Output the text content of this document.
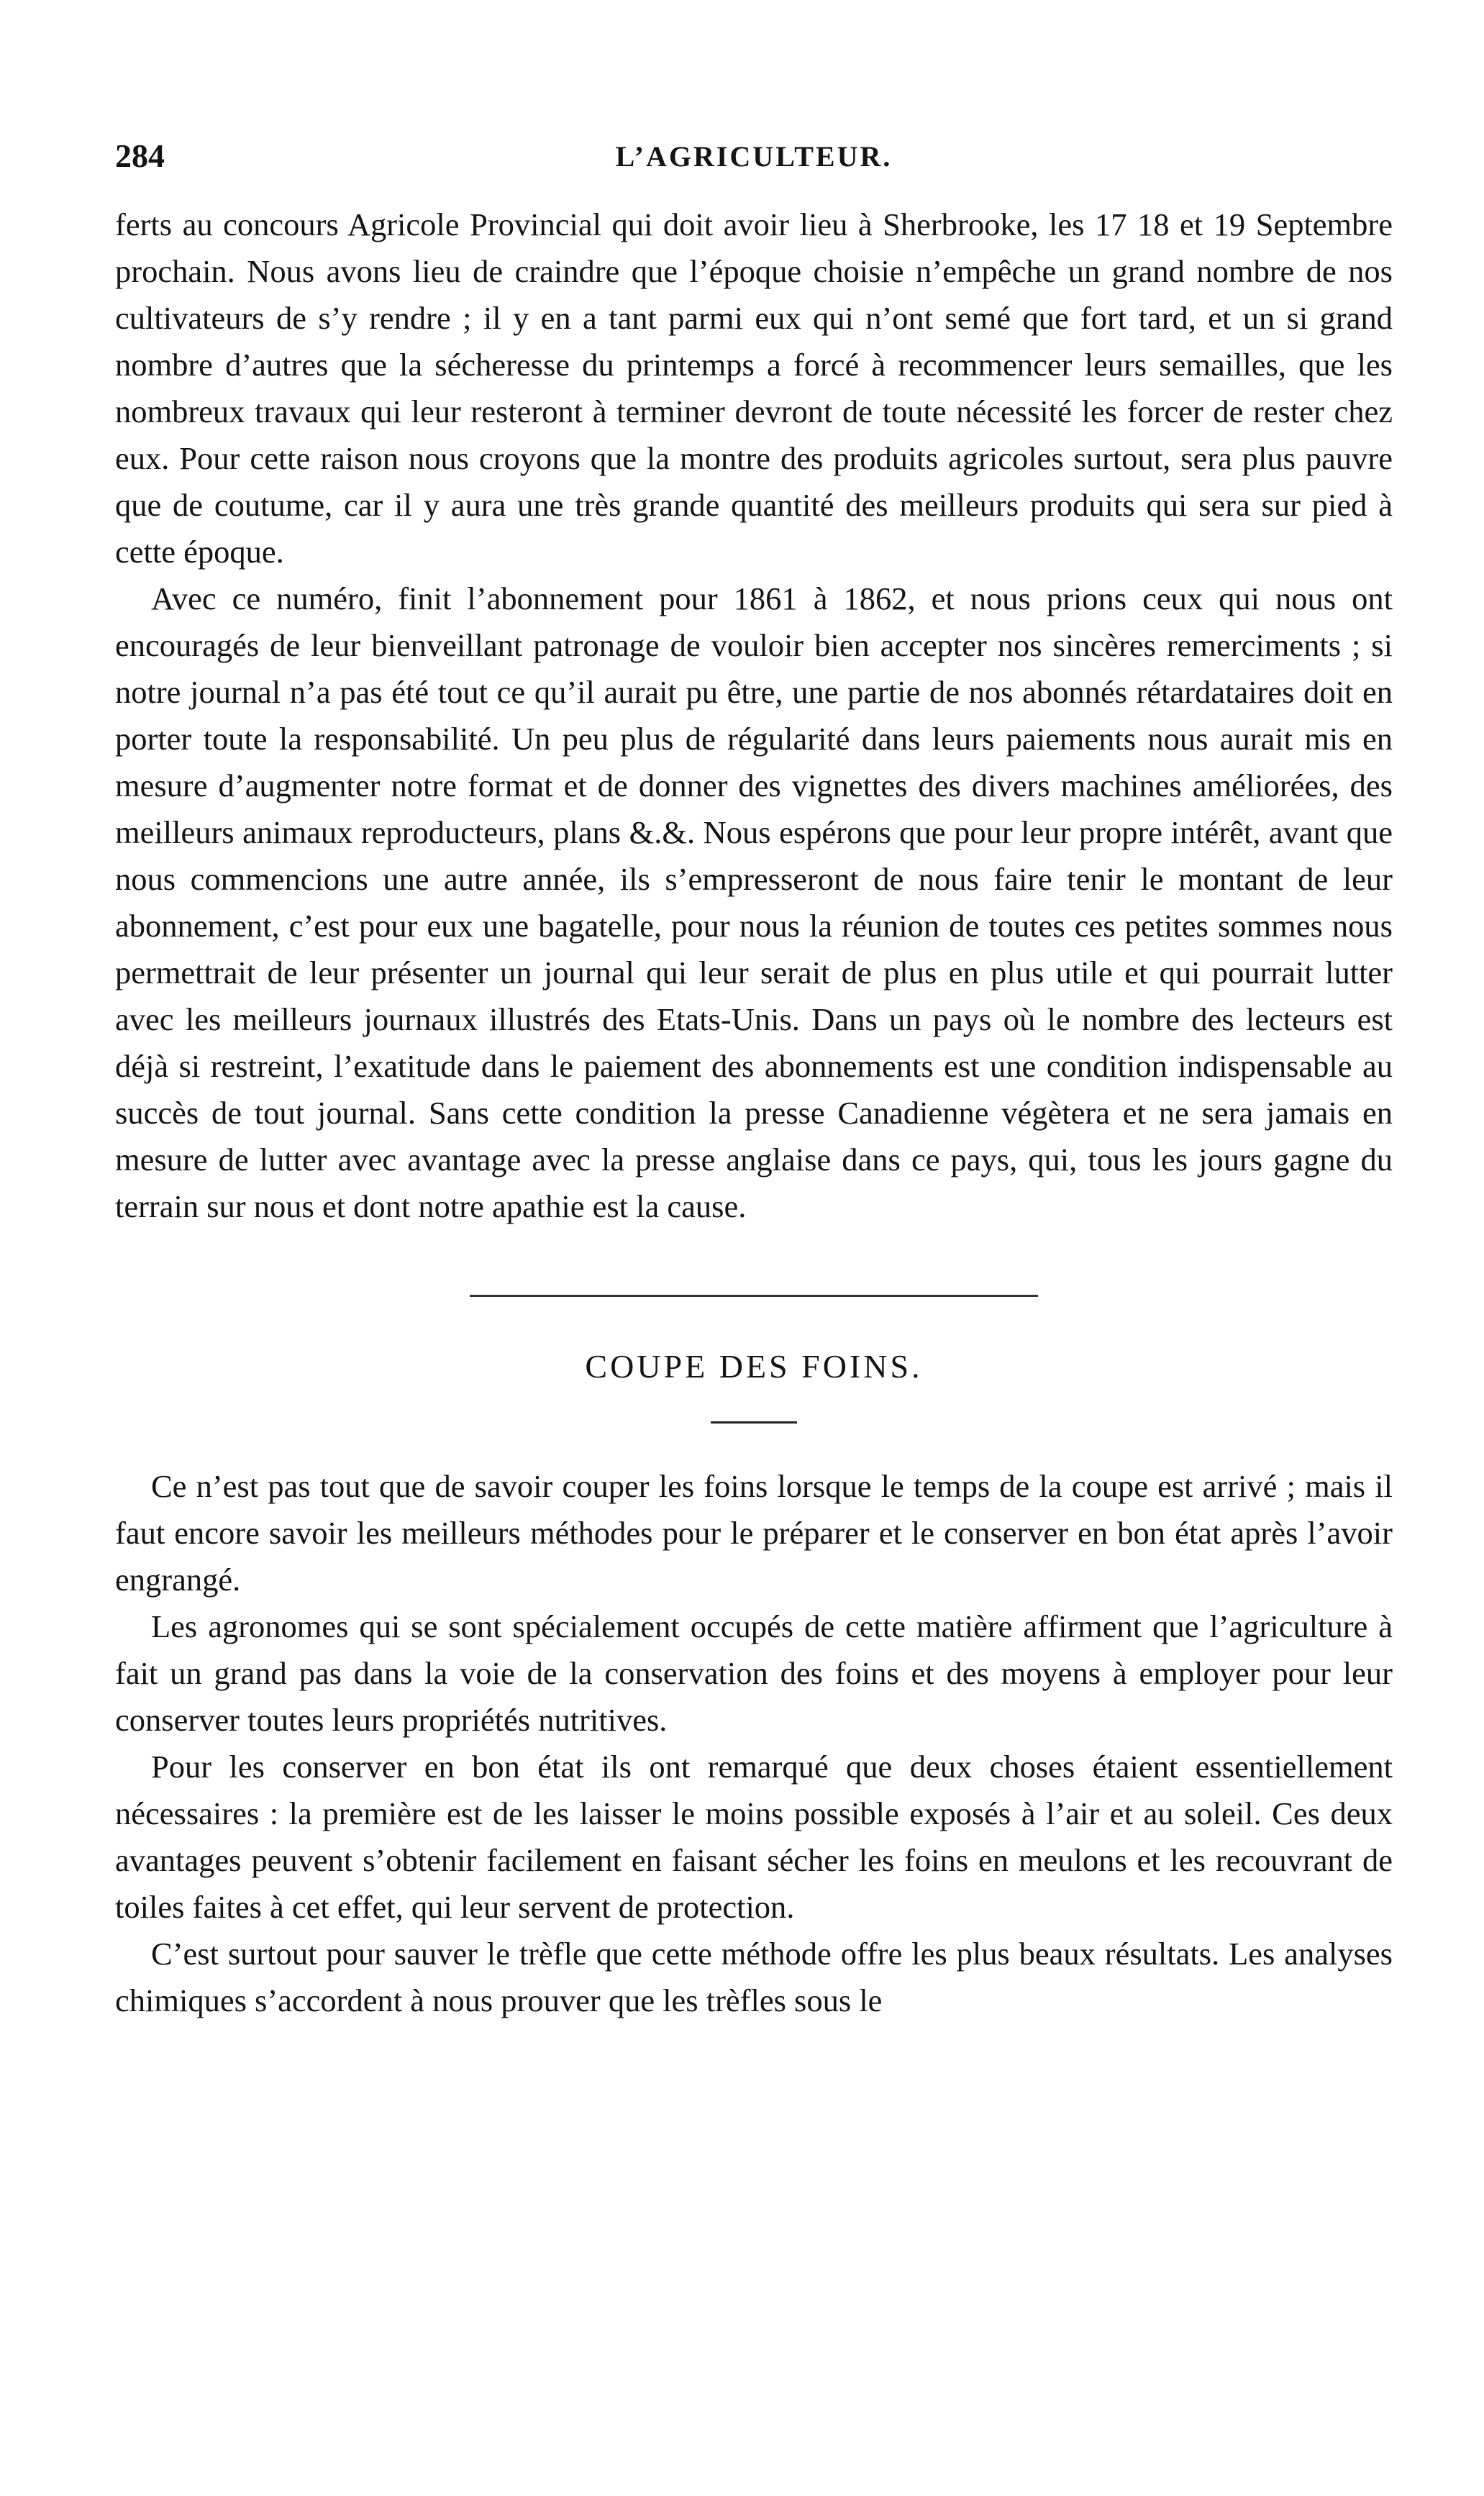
284	L’AGRICULTEUR.

ferts au concours Agricole Provincial qui doit avoir lieu à Sherbrooke, les 17 18 et 19 Septembre prochain. Nous avons lieu de craindre que l’époque choisie n’empêche un grand nombre de nos cultivateurs de s’y rendre ; il y en a tant parmi eux qui n’ont semé que fort tard, et un si grand nombre d’autres que la sécheresse du printemps a forcé à recommencer leurs semailles, que les nombreux travaux qui leur resteront à terminer devront de toute nécessité les forcer de rester chez eux. Pour cette raison nous croyons que la montre des produits agricoles surtout, sera plus pauvre que de coutume, car il y aura une très grande quantité des meilleurs produits qui sera sur pied à cette époque.

Avec ce numéro, finit l’abonnement pour 1861 à 1862, et nous prions ceux qui nous ont encouragés de leur bienveillant patronage de vouloir bien accepter nos sincères remerciments ; si notre journal n’a pas été tout ce qu’il aurait pu être, une partie de nos abonnés rétardataires doit en porter toute la responsabilité. Un peu plus de régularité dans leurs paiements nous aurait mis en mesure d’augmenter notre format et de donner des vignettes des divers machines améliorées, des meilleurs animaux reproducteurs, plans &.&. Nous espérons que pour leur propre intérêt, avant que nous commencions une autre année, ils s’empresseront de nous faire tenir le montant de leur abonnement, c’est pour eux une bagatelle, pour nous la réunion de toutes ces petites sommes nous permettrait de leur présenter un journal qui leur serait de plus en plus utile et qui pourrait lutter avec les meilleurs journaux illustrés des Etats-Unis. Dans un pays où le nombre des lecteurs est déjà si restreint, l’exatitude dans le paiement des abonnements est une condition indispensable au succès de tout journal. Sans cette condition la presse Canadienne végètera et ne sera jamais en mesure de lutter avec avantage avec la presse anglaise dans ce pays, qui, tous les jours gagne du terrain sur nous et dont notre apathie est la cause.

COUPE DES FOINS.

Ce n’est pas tout que de savoir couper les foins lorsque le temps de la coupe est arrivé ; mais il faut encore savoir les meilleurs méthodes pour le préparer et le conserver en bon état après l’avoir engrangé.

Les agronomes qui se sont spécialement occupés de cette matière affirment que l’agriculture à fait un grand pas dans la voie de la conservation des foins et des moyens à employer pour leur conserver toutes leurs propriétés nutritives.

Pour les conserver en bon état ils ont remarqué que deux choses étaient essentiellement nécessaires : la première est de les laisser le moins possible exposés à l’air et au soleil. Ces deux avantages peuvent s’obtenir facilement en faisant sécher les foins en meulons et les recouvrant de toiles faites à cet effet, qui leur servent de protection.

C’est surtout pour sauver le trèfle que cette méthode offre les plus beaux résultats. Les analyses chimiques s’accordent à nous prouver que les trèfles sous le
